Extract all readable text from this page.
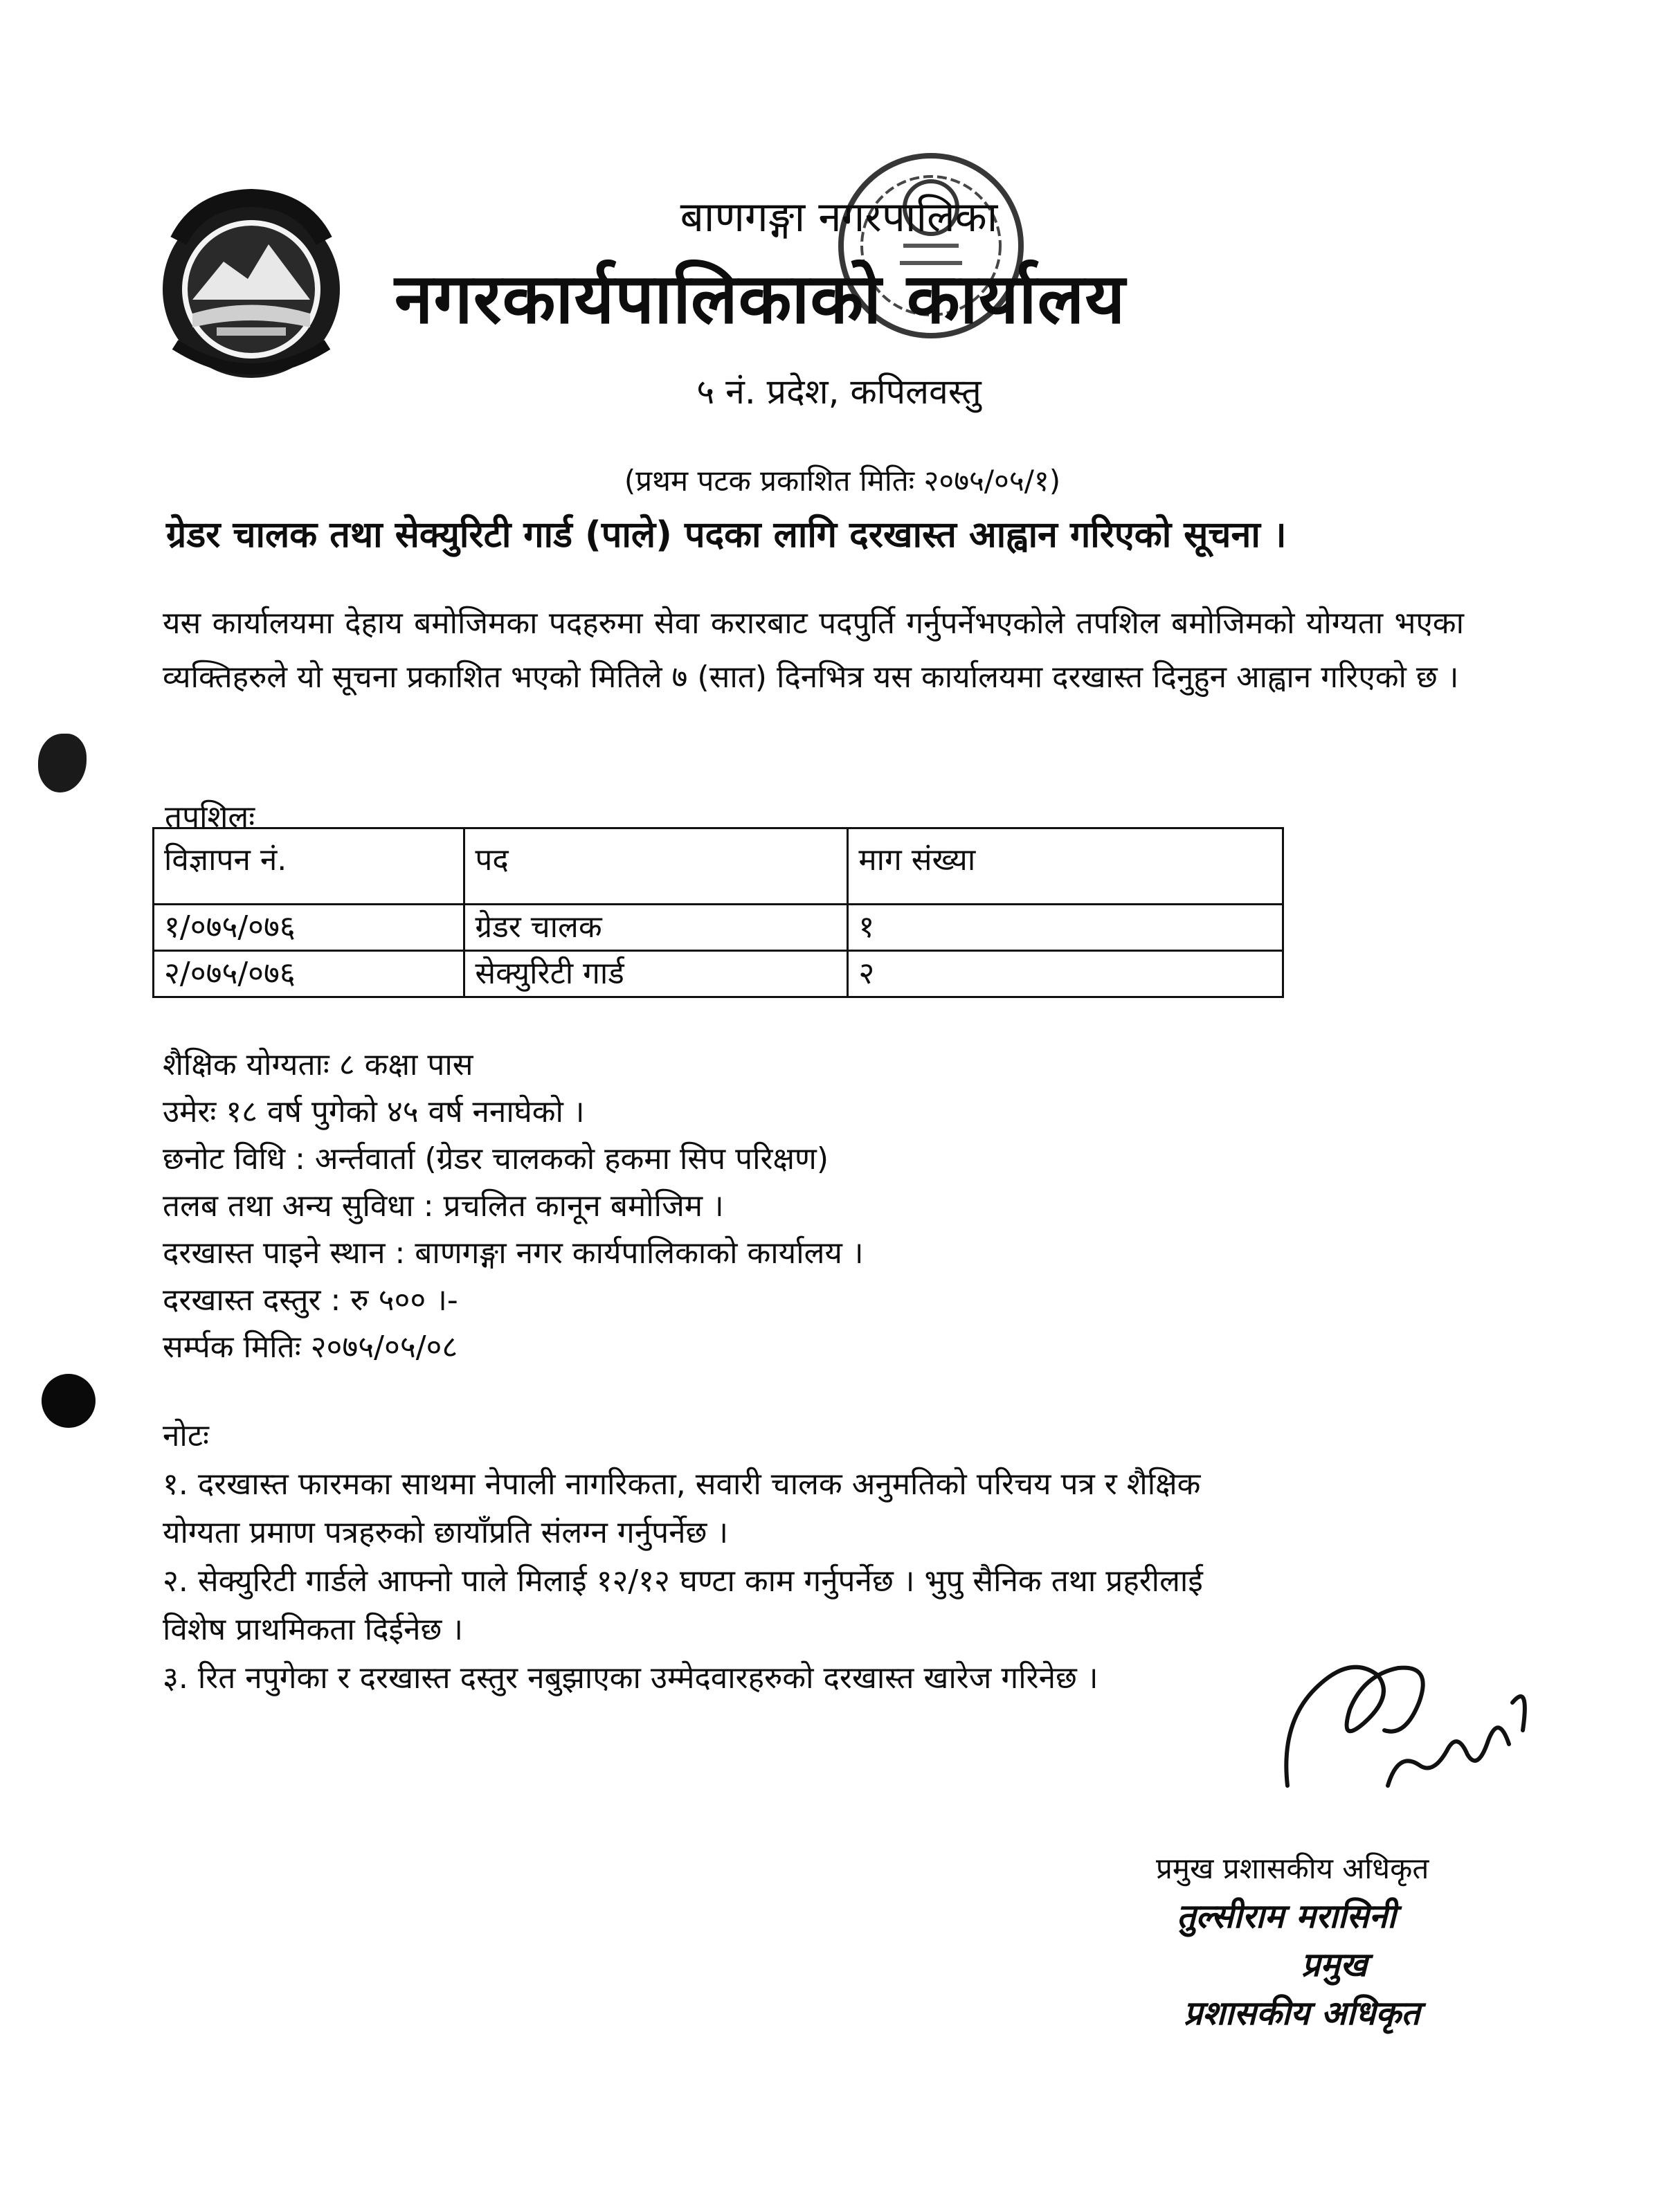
बाणगङ्गा नगरपालिका
नगरकार्यपालिकाको कार्यालय
५ नं. प्रदेश, कपिलवस्तु
(प्रथम पटक प्रकाशित मितिः २०७५/०५/१)
ग्रेडर चालक तथा सेक्युरिटी गार्ड (पाले) पदका लागि दरखास्त आह्वान गरिएको सूचना ।
यस कार्यालयमा देहाय बमोजिमका पदहरुमा सेवा करारबाट पदपुर्ति गर्नुपर्नेभएकोले तपशिल बमोजिमको योग्यता भएका व्यक्तिहरुले यो सूचना प्रकाशित भएको मितिले ७ (सात) दिनभित्र यस कार्यालयमा दरखास्त दिनुहुन आह्वान गरिएको छ ।
तपशिलः
विज्ञापन नं.	पद	माग संख्या
१/०७५/०७६	ग्रेडर चालक	१
२/०७५/०७६	सेक्युरिटी गार्ड	२
शैक्षिक योग्यताः ८ कक्षा पास
उमेरः १८ वर्ष पुगेको ४५ वर्ष ननाघेको ।
छनोट विधि : अर्न्तवार्ता (ग्रेडर चालकको हकमा सिप परिक्षण)
तलब तथा अन्य सुविधा : प्रचलित कानून बमोजिम ।
दरखास्त पाइने स्थान : बाणगङ्गा नगर कार्यपालिकाको कार्यालय ।
दरखास्त दस्तुर : रु ५०० ।-
सर्म्पक मितिः २०७५/०५/०८
नोटः
१. दरखास्त फारमका साथमा नेपाली नागरिकता, सवारी चालक अनुमतिको परिचय पत्र र शैक्षिक
योग्यता प्रमाण पत्रहरुको छायाँप्रति संलग्न गर्नुपर्नेछ ।
२. सेक्युरिटी गार्डले आफ्नो पाले मिलाई १२/१२ घण्टा काम गर्नुपर्नेछ । भुपु सैनिक तथा प्रहरीलाई
विशेष प्राथमिकता दिईनेछ ।
३. रित नपुगेका र दरखास्त दस्तुर नबुझाएका उम्मेदवारहरुको दरखास्त खारेज गरिनेछ ।
प्रमुख प्रशासकीय अधिकृत
तुल्सीराम मरासिनी
प्रमुख
प्रशासकीय अधिकृत
